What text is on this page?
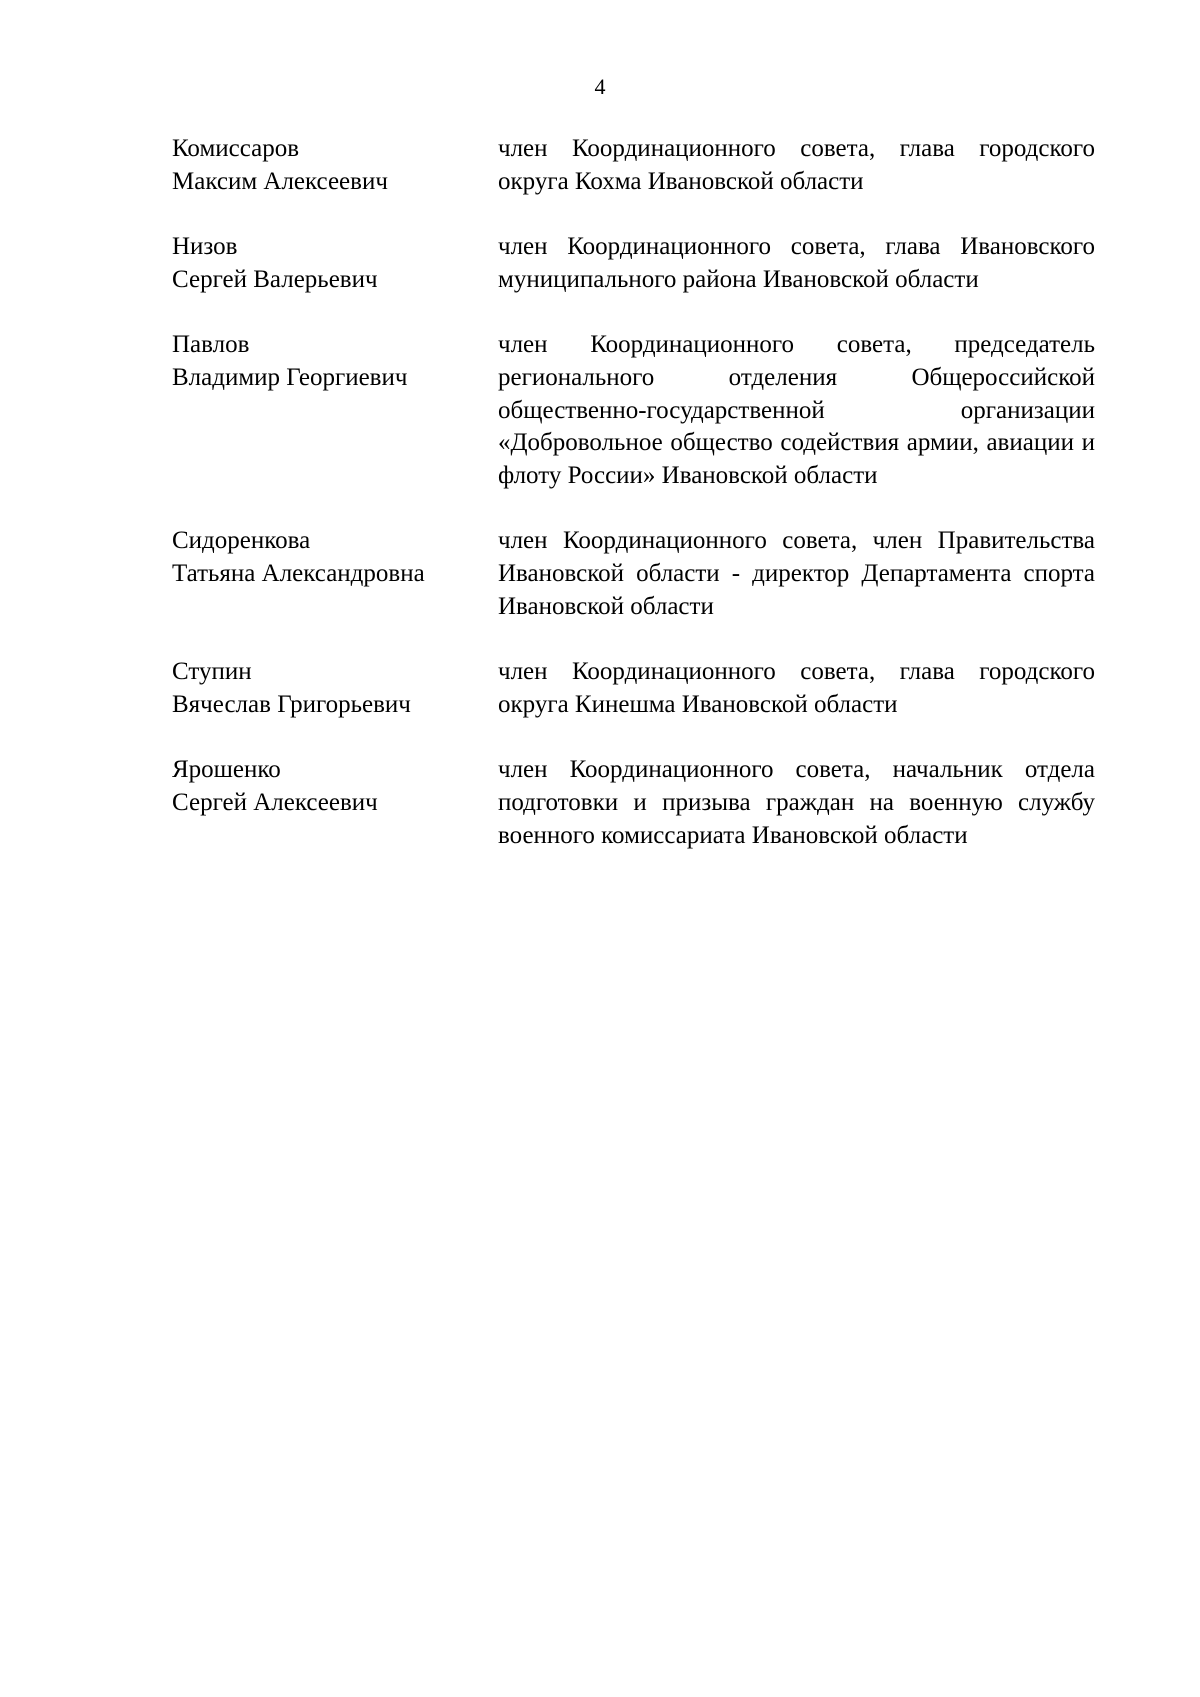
4
Комиссаров
Максим Алексеевич
член Координационного совета, глава городского округа Кохма Ивановской области
Низов
Сергей Валерьевич
член Координационного совета, глава Ивановского муниципального района Ивановской области
Павлов
Владимир Георгиевич
член Координационного совета, председатель регионального отделения Общероссийской общественно-государственной организации «Добровольное общество содействия армии, авиации и флоту России» Ивановской области
Сидоренкова
Татьяна Александровна
член Координационного совета, член Правительства Ивановской области - директор Департамента спорта Ивановской области
Ступин
Вячеслав Григорьевич
член Координационного совета, глава городского округа Кинешма Ивановской области
Ярошенко
Сергей Алексеевич
член Координационного совета, начальник отдела подготовки и призыва граждан на военную службу военного комиссариата Ивановской области
